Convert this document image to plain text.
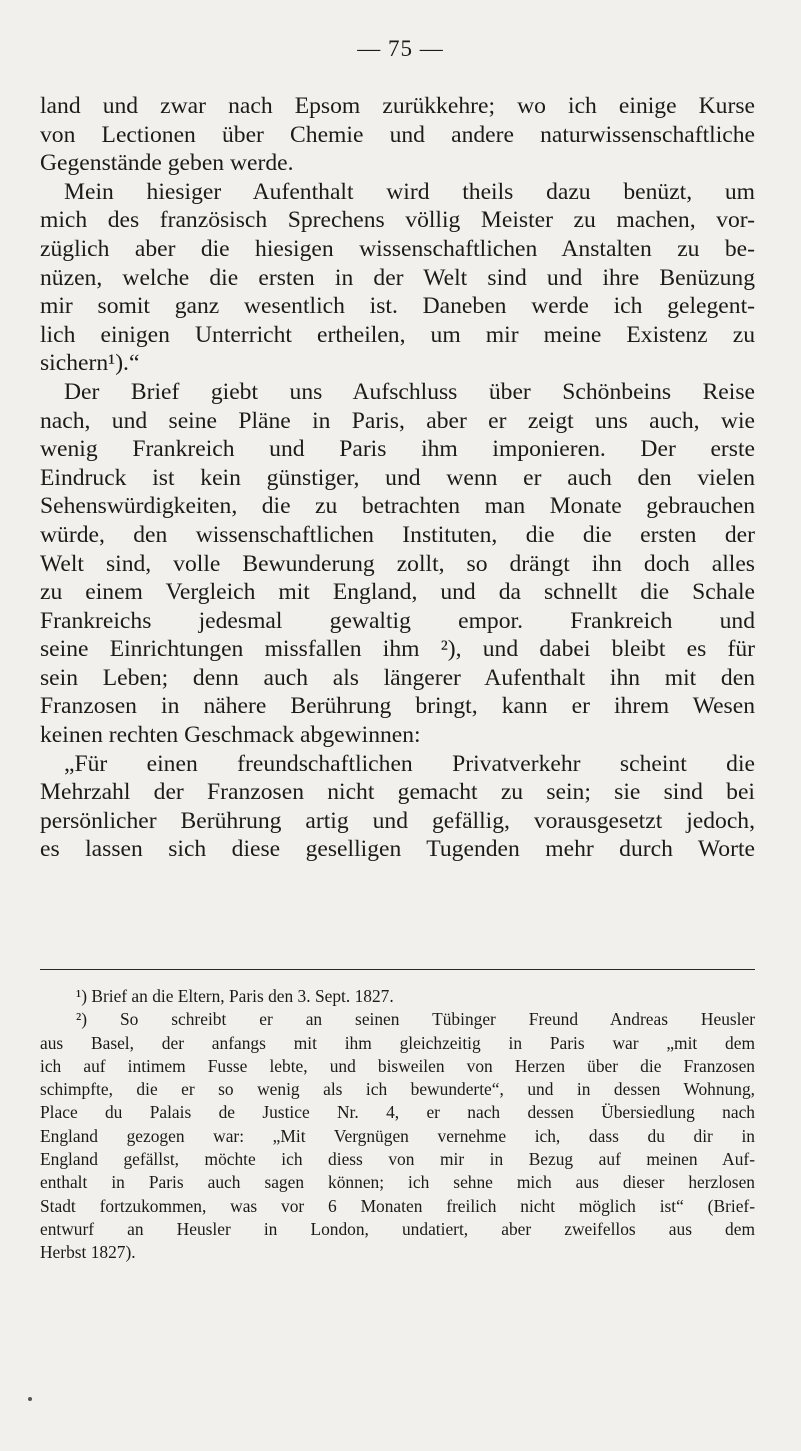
— 75 —
land und zwar nach Epsom zurükkehre; wo ich einige Kurse
von Lectionen über Chemie und andere naturwissenschaftliche
Gegenstände geben werde.
Mein hiesiger Aufenthalt wird theils dazu benüzt, um
mich des französisch Sprechens völlig Meister zu machen, vor-
züglich aber die hiesigen wissenschaftlichen Anstalten zu be-
nüzen, welche die ersten in der Welt sind und ihre Benüzung
mir somit ganz wesentlich ist. Daneben werde ich gelegent-
lich einigen Unterricht ertheilen, um mir meine Existenz zu
sichern¹).“
Der Brief giebt uns Aufschluss über Schönbeins Reise
nach, und seine Pläne in Paris, aber er zeigt uns auch, wie
wenig Frankreich und Paris ihm imponieren. Der erste
Eindruck ist kein günstiger, und wenn er auch den vielen
Sehenswürdigkeiten, die zu betrachten man Monate gebrauchen
würde, den wissenschaftlichen Instituten, die die ersten der
Welt sind, volle Bewunderung zollt, so drängt ihn doch alles
zu einem Vergleich mit England, und da schnellt die Schale
Frankreichs jedesmal gewaltig empor. Frankreich und
seine Einrichtungen missfallen ihm ²), und dabei bleibt es für
sein Leben; denn auch als längerer Aufenthalt ihn mit den
Franzosen in nähere Berührung bringt, kann er ihrem Wesen
keinen rechten Geschmack abgewinnen:
„Für einen freundschaftlichen Privatverkehr scheint die
Mehrzahl der Franzosen nicht gemacht zu sein; sie sind bei
persönlicher Berührung artig und gefällig, vorausgesetzt jedoch,
es lassen sich diese geselligen Tugenden mehr durch Worte
¹) Brief an die Eltern, Paris den 3. Sept. 1827.
²) So schreibt er an seinen Tübinger Freund Andreas Heusler
aus Basel, der anfangs mit ihm gleichzeitig in Paris war „mit dem
ich auf intimem Fusse lebte, und bisweilen von Herzen über die Franzosen
schimpfte, die er so wenig als ich bewunderte“, und in dessen Wohnung,
Place du Palais de Justice Nr. 4, er nach dessen Übersiedlung nach
England gezogen war: „Mit Vergnügen vernehme ich, dass du dir in
England gefällst, möchte ich diess von mir in Bezug auf meinen Auf-
enthalt in Paris auch sagen können; ich sehne mich aus dieser herzlosen
Stadt fortzukommen, was vor 6 Monaten freilich nicht möglich ist“ (Brief-
entwurf an Heusler in London, undatiert, aber zweifellos aus dem
Herbst 1827).
